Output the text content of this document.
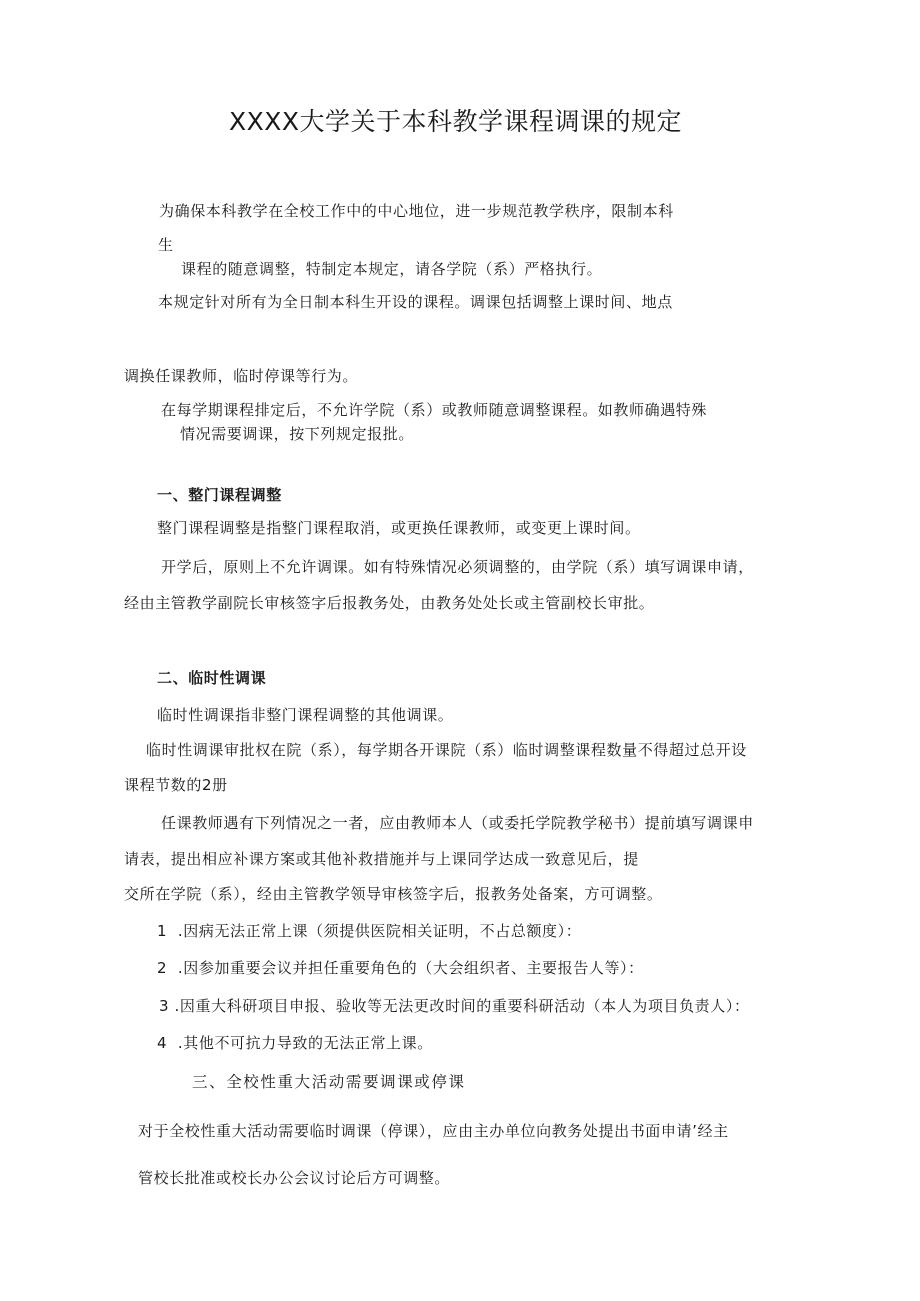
XXXX大学关于本科教学课程调课的规定
为确保本科教学在全校工作中的中心地位，进一步规范教学秩序，限制本科
生
课程的随意调整，特制定本规定，请各学院（系）严格执行。
本规定针对所有为全日制本科生开设的课程。调课包括调整上课时间、地点
调换任课教师，临时停课等行为。
在每学期课程排定后，不允许学院（系）或教师随意调整课程。如教师确遇特殊
情况需要调课，按下列规定报批。
一、整门课程调整
整门课程调整是指整门课程取消，或更换任课教师，或变更上课时间。
开学后，原则上不允许调课。如有特殊情况必须调整的，由学院（系）填写调课申请，
经由主管教学副院长审核签字后报教务处，由教务处处长或主管副校长审批。
二、临时性调课
临时性调课指非整门课程调整的其他调课。
临时性调课审批权在院（系），每学期各开课院（系）临时调整课程数量不得超过总开设
课程节数的2册
任课教师遇有下列情况之一者，应由教师本人（或委托学院教学秘书）提前填写调课申
请表，提出相应补课方案或其他补救措施并与上课同学达成一致意见后，提
交所在学院（系），经由主管教学领导审核签字后，报教务处备案，方可调整。
1  .因病无法正常上课（须提供医院相关证明，不占总额度）：
2  .因参加重要会议并担任重要角色的（大会组织者、主要报告人等）：
3 .因重大科研项目申报、验收等无法更改时间的重要科研活动（本人为项目负责人）：
4  .其他不可抗力导致的无法正常上课。
三、全校性重大活动需要调课或停课
对于全校性重大活动需要临时调课（停课），应由主办单位向教务处提出书面申请’经主
管校长批准或校长办公会议讨论后方可调整。
